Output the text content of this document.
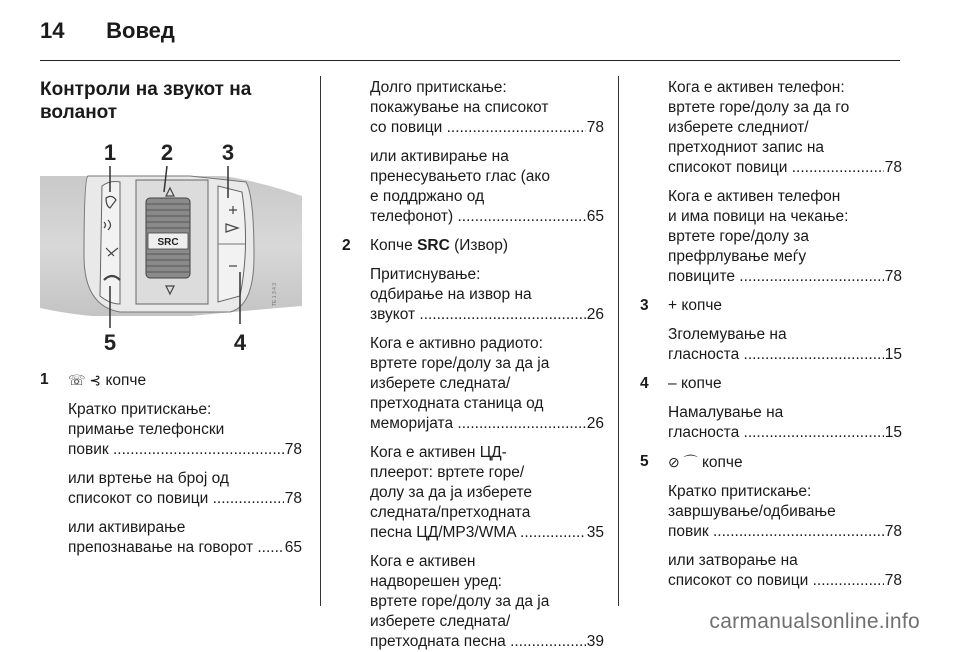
14 Вовед
Контроли на звукот на воланот
SRC
1 2 3
4
5
TE 1 3 4 3
1	☏ ⊰ копче
Кратко притискање:
примање телефонски
повик .....	78
или вртење на број од
списокот со повици .....	78
или активирање
препознавање на говорот .....	65
Долго притискање:
покажување на списокот
со повици .....	78
или активирање на
пренесувањето глас (ако
е поддржано од
телефонот) .....	65
2	Копче SRC (Извор)
Притиснување:
одбирање на извор на
звукот .....	26
Кога е активно радиото:
вртете горе/долу за да ја
изберете следната/
претходната станица од
меморијата .....	26
Кога е активен ЦД-
плеерот: вртете горе/
долу за да ја изберете
следната/претходната
песна ЦД/MP3/WMA .....	35
Кога е активен
надворешен уред:
вртете горе/долу за да ја
изберете следната/
претходната песна .....	39
Кога е активен телефон:
вртете горе/долу за да го
изберете следниот/
претходниот запис на
списокот повици .....	78
Кога е активен телефон
и има повици на чекање:
вртете горе/долу за
префрлување меѓу
повиците .....	78
3	+ копче
Зголемување на
гласноста .....	15
4	– копче
Намалување на
гласноста .....	15
5	⊘ ⌒ копче
Кратко притискање:
завршување/одбивање
повик .....	78
или затворање на
списокот со повици .....	78
carmanualsonline.info
